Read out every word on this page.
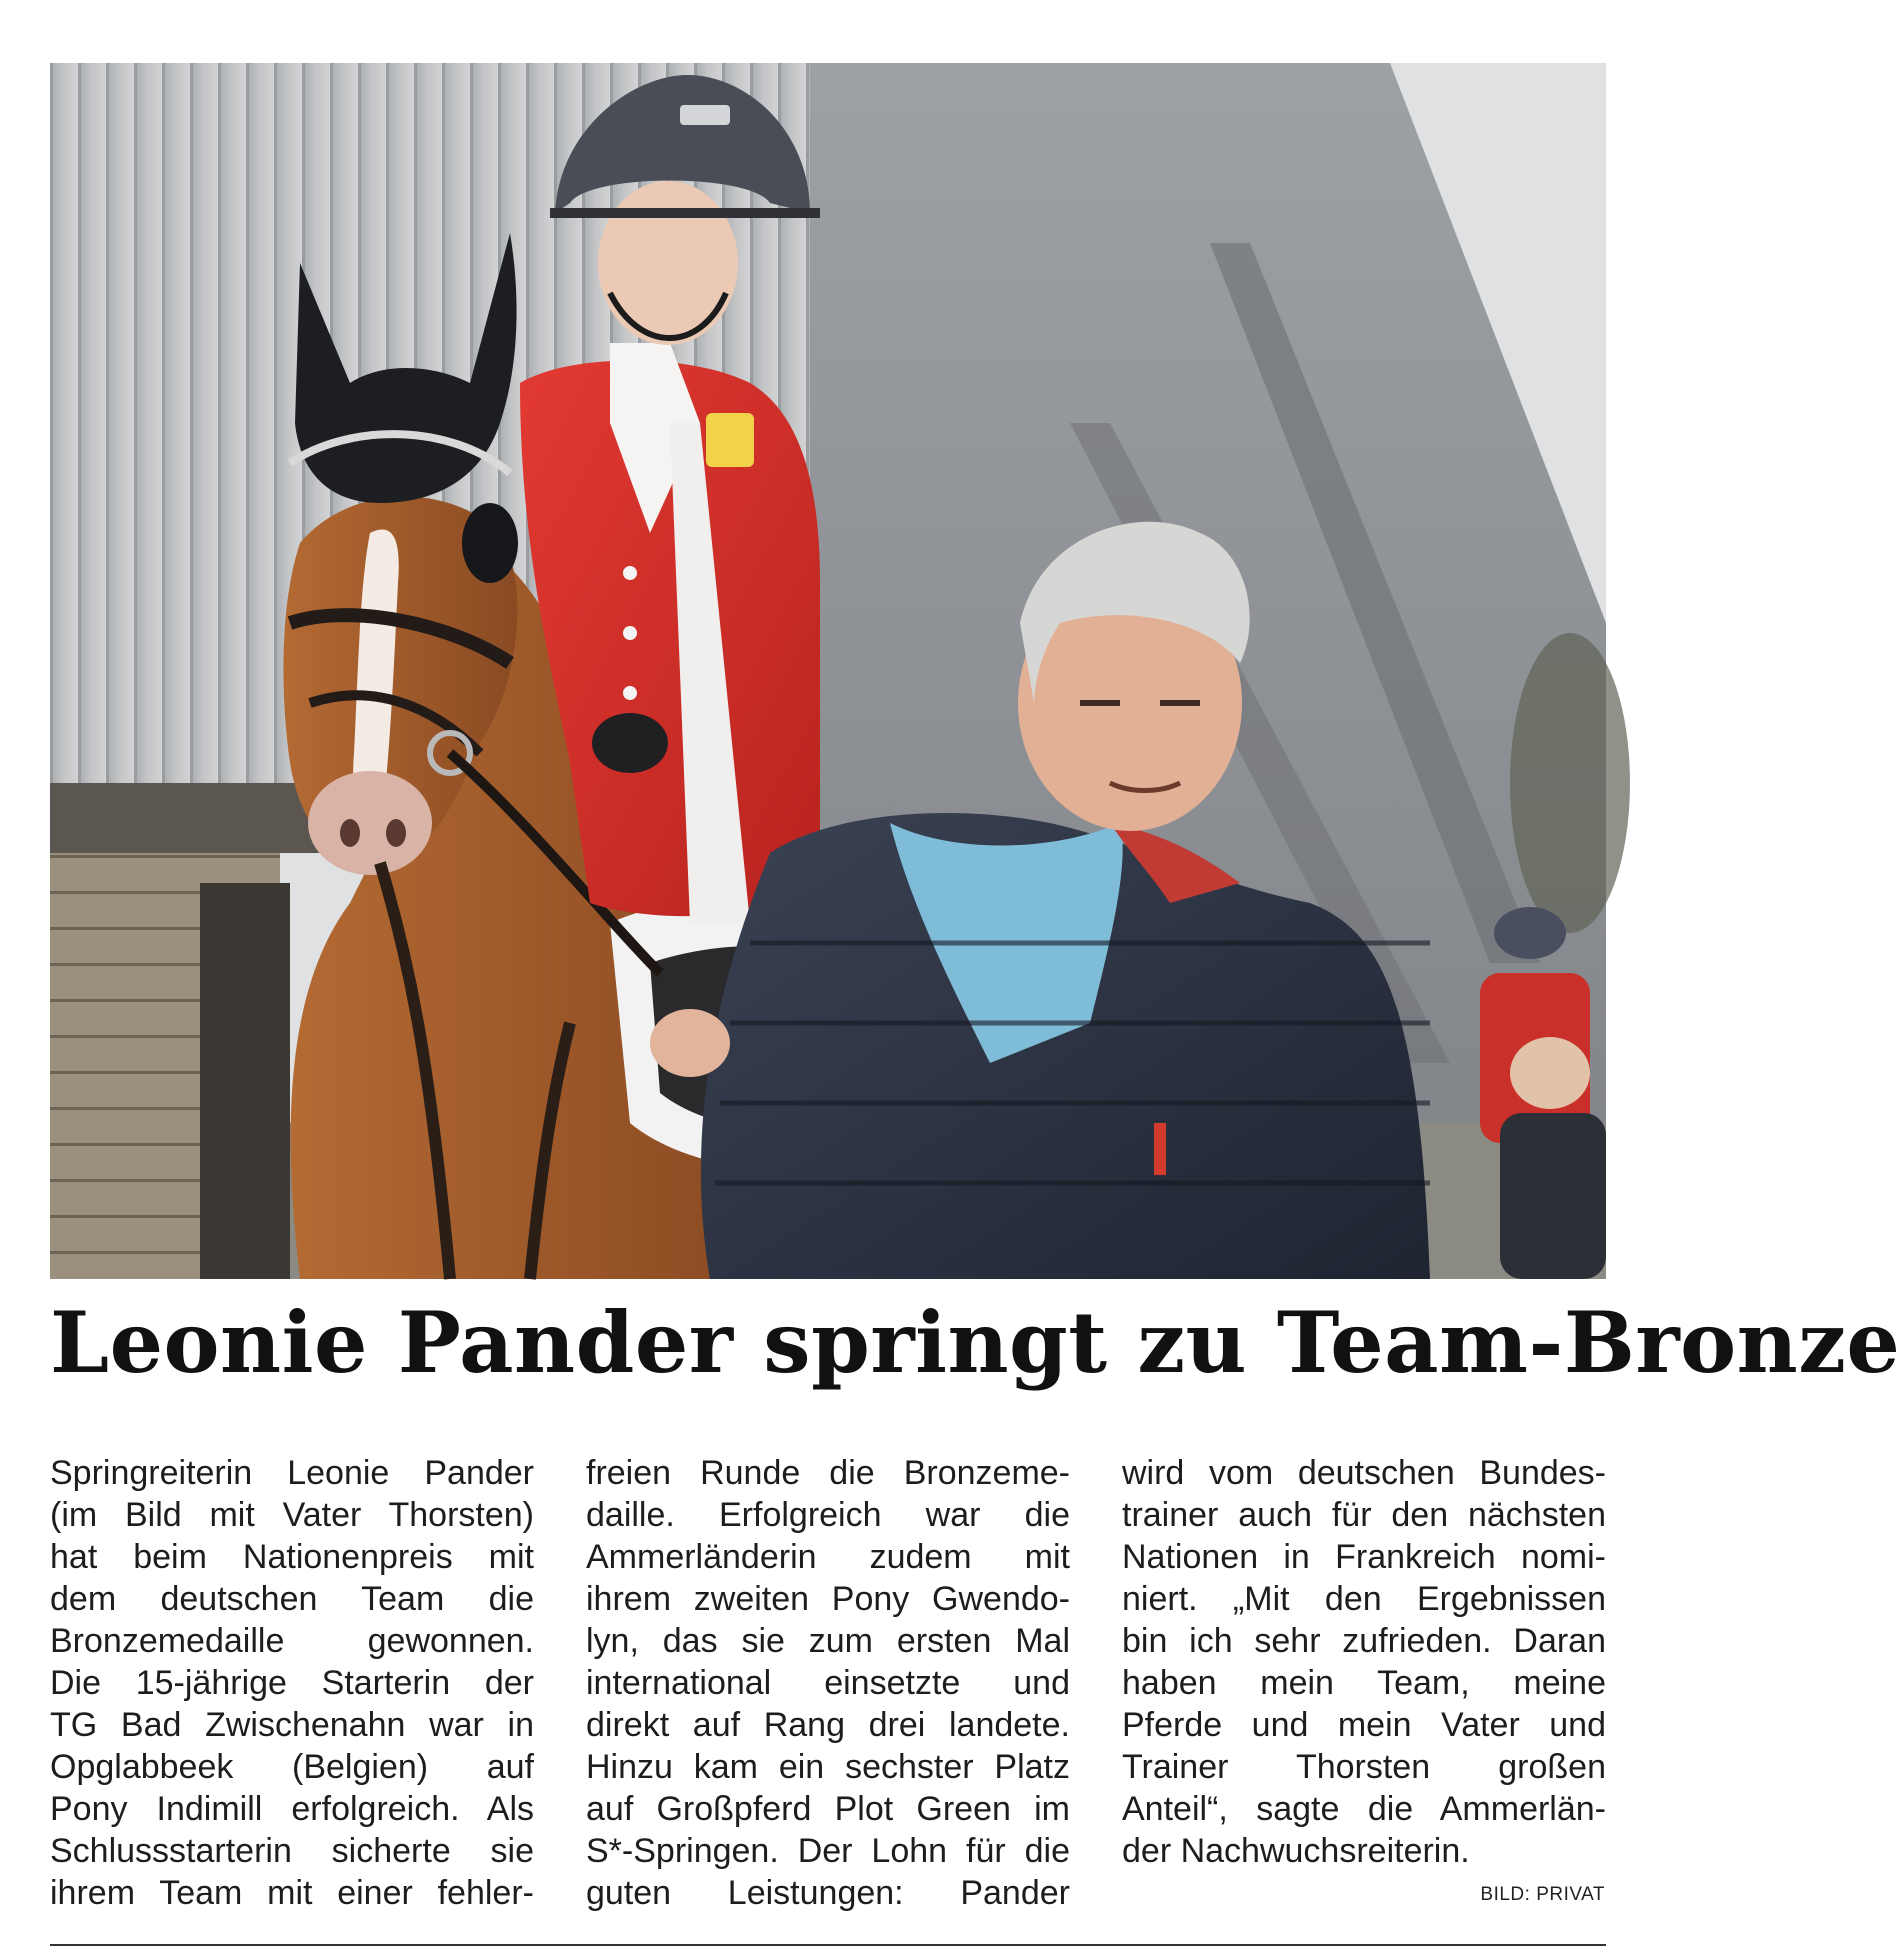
Leonie Pander springt zu Team-Bronze
Springreiterin Leonie Pander
(im Bild mit Vater Thorsten)
hat beim Nationenpreis mit
dem deutschen Team die
Bronzemedaille gewonnen.
Die 15-jährige Starterin der
TG Bad Zwischenahn war in
Opglabbeek (Belgien) auf
Pony Indimill erfolgreich. Als
Schlussstarterin sicherte sie
ihrem Team mit einer fehler-
freien Runde die Bronzeme-
daille. Erfolgreich war die
Ammerländerin zudem mit
ihrem zweiten Pony Gwendo-
lyn, das sie zum ersten Mal
international einsetzte und
direkt auf Rang drei landete.
Hinzu kam ein sechster Platz
auf Großpferd Plot Green im
S*-Springen. Der Lohn für die
guten Leistungen: Pander
wird vom deutschen Bundes-
trainer auch für den nächsten
Nationen in Frankreich nomi-
niert. „Mit den Ergebnissen
bin ich sehr zufrieden. Daran
haben mein Team, meine
Pferde und mein Vater und
Trainer Thorsten großen
Anteil“, sagte die Ammerlän-
der Nachwuchsreiterin.
BILD: PRIVAT
